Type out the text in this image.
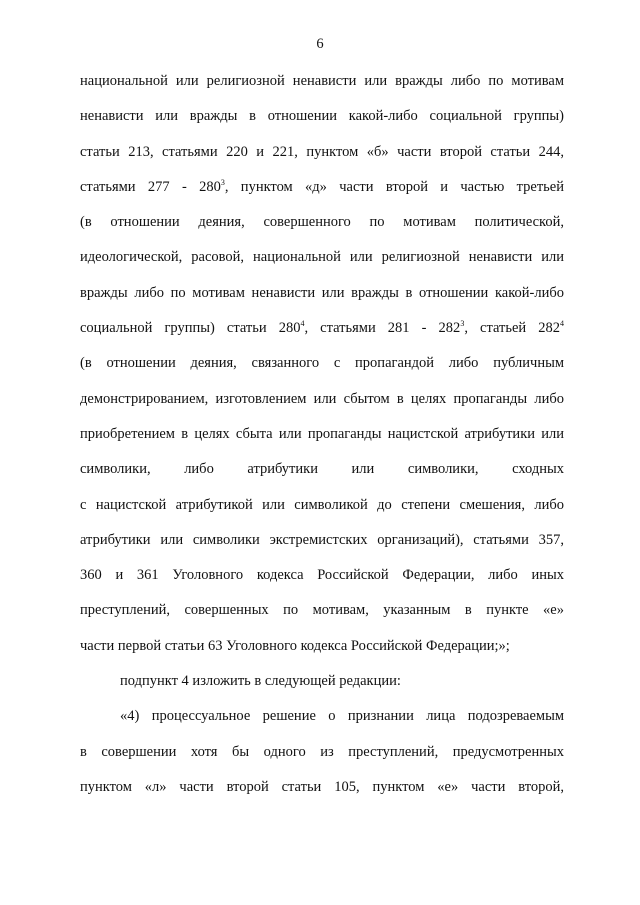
6
национальной или религиозной ненависти или вражды либо по мотивам
ненависти или вражды в отношении какой-либо социальной группы)
статьи 213, статьями 220 и 221, пунктом «б» части второй статьи 244,
статьями $277 - 280^3$, пунктом «д» части второй и частью третьей
(в отношении деяния, совершенного по мотивам политической,
идеологической, расовой, национальной или религиозной ненависти или
вражды либо по мотивам ненависти или вражды в отношении какой-либо
социальной группы) статьи $280^4$, статьями $281 - 282^3$, статьей $282^4$
(в отношении деяния, связанного с пропагандой либо публичным
демонстрированием, изготовлением или сбытом в целях пропаганды либо
приобретением в целях сбыта или пропаганды нацистской атрибутики или
символики, либо атрибутики или символики, сходных
с нацистской атрибутикой или символикой до степени смешения, либо
атрибутики или символики экстремистских организаций), статьями 357,
360 и 361 Уголовного кодекса Российской Федерации, либо иных
преступлений, совершенных по мотивам, указанным в пункте «е»
части первой статьи 63 Уголовного кодекса Российской Федерации;»;
подпункт 4 изложить в следующей редакции:
«4) процессуальное решение о признании лица подозреваемым
в совершении хотя бы одного из преступлений, предусмотренных
пунктом «л» части второй статьи 105, пунктом «е» части второй,
